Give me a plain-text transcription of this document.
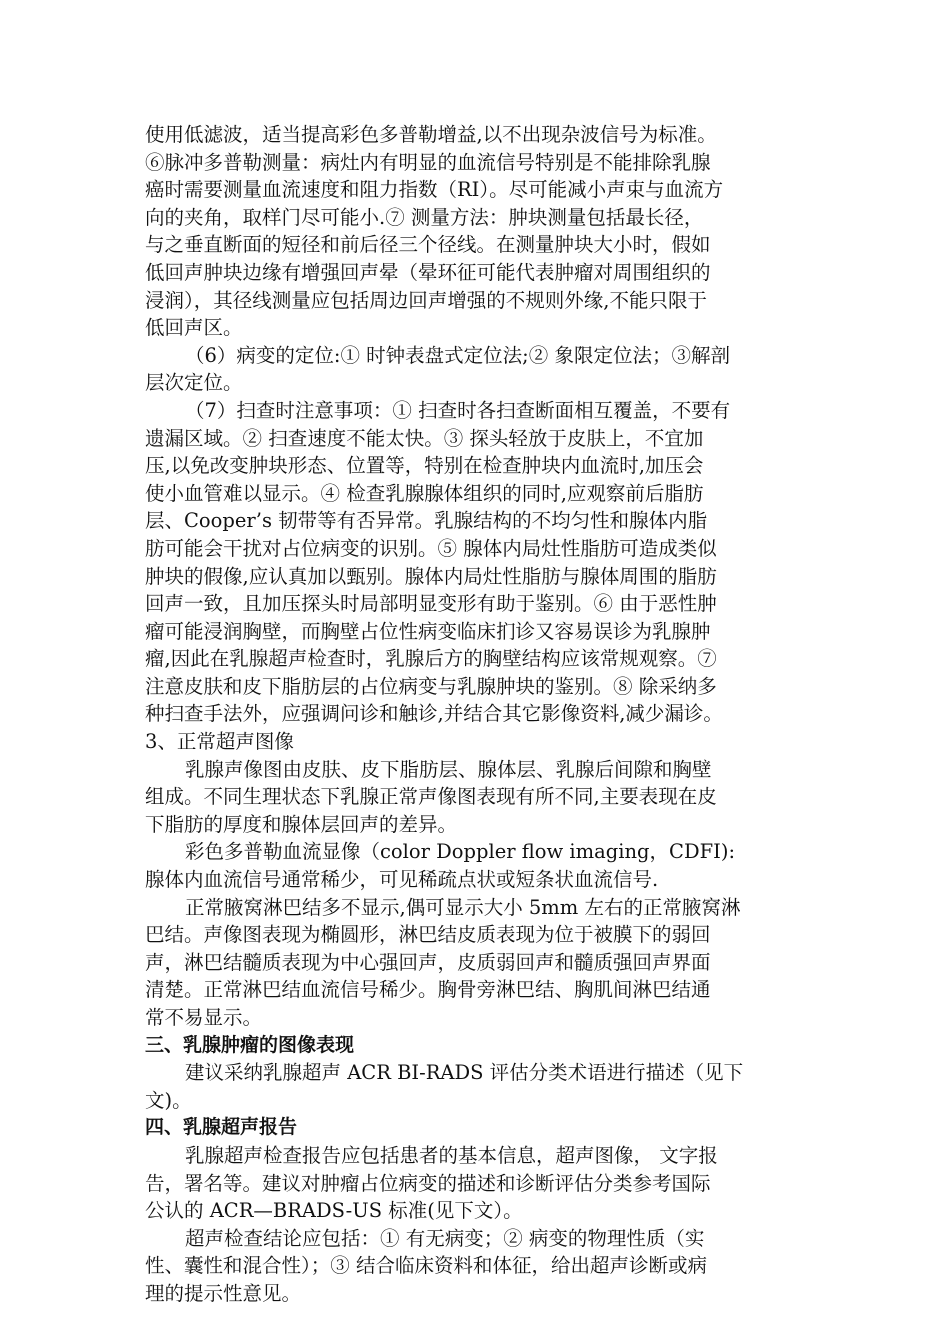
使用低滤波，适当提高彩色多普勒增益,以不出现杂波信号为标准。
⑥脉冲多普勒测量：病灶内有明显的血流信号特别是不能排除乳腺
癌时需要测量血流速度和阻力指数（RI）。尽可能减小声束与血流方
向的夹角，取样门尽可能小.⑦ 测量方法：肿块测量包括最长径，
与之垂直断面的短径和前后径三个径线。在测量肿块大小时，假如
低回声肿块边缘有增强回声晕（晕环征可能代表肿瘤对周围组织的
浸润），其径线测量应包括周边回声增强的不规则外缘,不能只限于
低回声区。
（6）病变的定位:① 时钟表盘式定位法;② 象限定位法；③解剖
层次定位。
（7）扫查时注意事项：① 扫查时各扫查断面相互覆盖，不要有
遗漏区域。② 扫查速度不能太快。③ 探头轻放于皮肤上，不宜加
压,以免改变肿块形态、位置等，特别在检查肿块内血流时,加压会
使小血管难以显示。④ 检查乳腺腺体组织的同时,应观察前后脂肪
层、Cooper’s 韧带等有否异常。乳腺结构的不均匀性和腺体内脂
肪可能会干扰对占位病变的识别。⑤ 腺体内局灶性脂肪可造成类似
肿块的假像,应认真加以甄别。腺体内局灶性脂肪与腺体周围的脂肪
回声一致，且加压探头时局部明显变形有助于鉴别。⑥ 由于恶性肿
瘤可能浸润胸壁，而胸壁占位性病变临床扪诊又容易误诊为乳腺肿
瘤,因此在乳腺超声检查时，乳腺后方的胸壁结构应该常规观察。⑦
注意皮肤和皮下脂肪层的占位病变与乳腺肿块的鉴别。⑧ 除采纳多
种扫查手法外，应强调问诊和触诊,并结合其它影像资料,减少漏诊。
3、正常超声图像
乳腺声像图由皮肤、皮下脂肪层、腺体层、乳腺后间隙和胸壁
组成。不同生理状态下乳腺正常声像图表现有所不同,主要表现在皮
下脂肪的厚度和腺体层回声的差异。
彩色多普勒血流显像（color Doppler flow imaging，CDFI):
腺体内血流信号通常稀少，可见稀疏点状或短条状血流信号.
正常腋窝淋巴结多不显示,偶可显示大小 5mm 左右的正常腋窝淋
巴结。声像图表现为椭圆形，淋巴结皮质表现为位于被膜下的弱回
声，淋巴结髓质表现为中心强回声，皮质弱回声和髓质强回声界面
清楚。正常淋巴结血流信号稀少。胸骨旁淋巴结、胸肌间淋巴结通
常不易显示。
三、乳腺肿瘤的图像表现
建议采纳乳腺超声 ACR BI-RADS 评估分类术语进行描述（见下
文)。
四、乳腺超声报告
乳腺超声检查报告应包括患者的基本信息，超声图像， 文字报
告，署名等。建议对肿瘤占位病变的描述和诊断评估分类参考国际
公认的 ACR—BRADS-US 标准(见下文）。
超声检查结论应包括：① 有无病变；② 病变的物理性质（实
性、囊性和混合性）；③ 结合临床资料和体征，给出超声诊断或病
理的提示性意见。
